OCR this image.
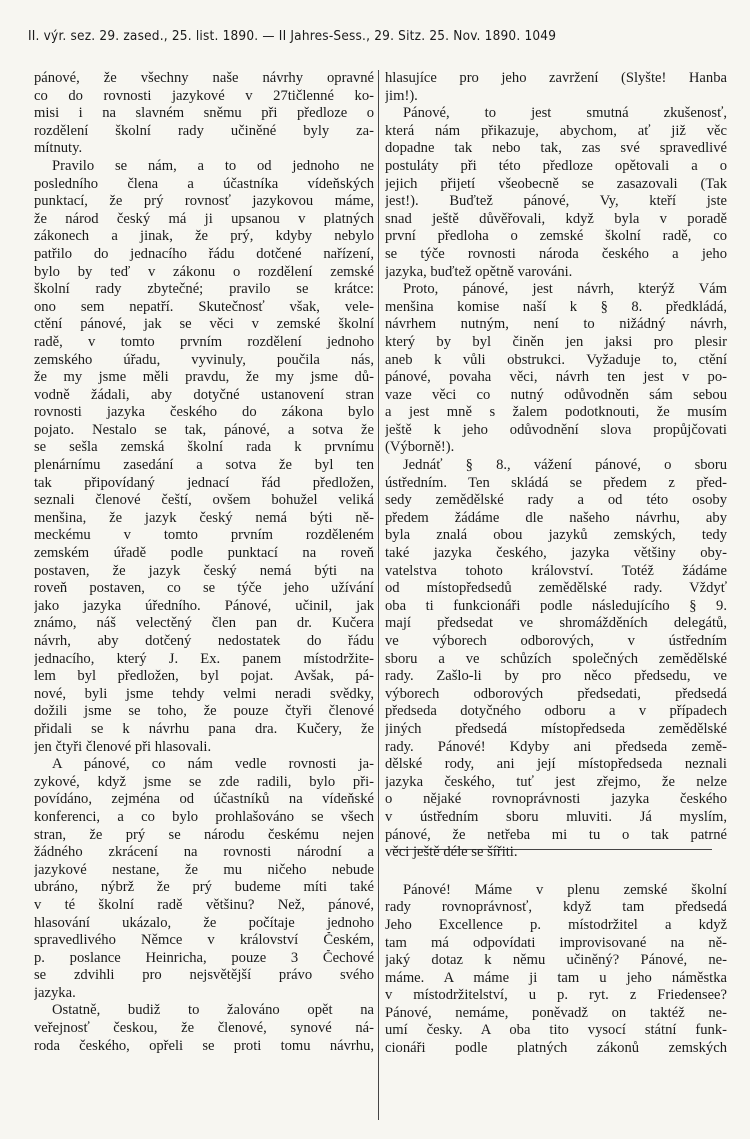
II. výr. sez. 29. zased., 25. list. 1890. — II Jahres-Sess., 29. Sitz. 25. Nov. 1890. 1049
pánové, že všechny naše návrhy opravné
co do rovnosti jazykové v 27tičlenné ko-
misi i na slavném sněmu při předloze o
rozdělení školní rady učiněné byly za-
mítnuty.
Pravilo se nám, a to od jednoho ne
posledního člena a účastníka vídeňských
punktací, že prý rovnosť jazykovou máme,
že národ český má ji upsanou v platných
zákonech a jinak, že prý, kdyby nebylo
patřilo do jednacího řádu dotčené nařízení,
bylo by teď v zákonu o rozdělení zemské
školní rady zbytečné; pravilo se krátce:
ono sem nepatří. Skutečnosť však, vele-
ctění pánové, jak se věci v zemské školní
radě, v tomto prvním rozdělení jednoho
zemského úřadu, vyvinuly, poučila nás,
že my jsme měli pravdu, že my jsme dů-
vodně žádali, aby dotyčné ustanovení stran
rovnosti jazyka českého do zákona bylo
pojato. Nestalo se tak, pánové, a sotva že
se sešla zemská školní rada k prvnímu
plenárnímu zasedání a sotva že byl ten
tak připovídaný jednací řád předložen,
seznali členové čeští, ovšem bohužel veliká
menšina, že jazyk český nemá býti ně-
meckému v tomto prvním rozděleném
zemském úřadě podle punktací na roveň
postaven, že jazyk český nemá býti na
roveň postaven, co se týče jeho užívání
jako jazyka úředního. Pánové, učinil, jak
známo, náš velectěný člen pan dr. Kučera
návrh, aby dotčený nedostatek do řádu
jednacího, který J. Ex. panem místodržite-
lem byl předložen, byl pojat. Avšak, pá-
nové, byli jsme tehdy velmi neradi svědky,
dožili jsme se toho, že pouze čtyři členové
přidali se k návrhu pana dra. Kučery, že
jen čtyři členové při hlasovali.
A pánové, co nám vedle rovnosti ja-
zykové, když jsme se zde radili, bylo při-
povídáno, zejména od účastníků na vídeňské
konferenci, a co bylo prohlašováno se všech
stran, že prý se národu českému nejen
žádného zkrácení na rovnosti národní a
jazykové nestane, že mu ničeho nebude
ubráno, nýbrž že prý budeme míti také
v té školní radě většinu? Než, pánové,
hlasování ukázalo, že počítaje jednoho
spravedlivého Němce v království Českém,
p. poslance Heinricha, pouze 3 Čechové
se zdvihli pro nejsvětější právo svého
jazyka.
Ostatně, budiž to žalováno opět na
veřejnosť českou, že členové, synové ná-
roda českého, opřeli se proti tomu návrhu,
hlasujíce pro jeho zavržení (Slyšte! Hanba
jim!).
Pánové, to jest smutná zkušenosť,
která nám přikazuje, abychom, ať již věc
dopadne tak nebo tak, zas své spravedlivé
postuláty při této předloze opětovali a o
jejich přijetí všeobecně se zasazovali (Tak
jest!). Buďtež pánové, Vy, kteří jste
snad ještě důvěřovali, když byla v poradě
první předloha o zemské školní radě, co
se týče rovnosti národa českého a jeho
jazyka, buďtež opětně varováni.
Proto, pánové, jest návrh, kterýž Vám
menšina komise naší k § 8. předkládá,
návrhem nutným, není to nižádný návrh,
který by byl činěn jen jaksi pro plesir
aneb k vůli obstrukci. Vyžaduje to, ctění
pánové, povaha věci, návrh ten jest v po-
vaze věci co nutný odůvodněn sám sebou
a jest mně s žalem podotknouti, že musím
ještě k jeho odůvodnění slova propůjčovati
(Výborně!).
Jednáť § 8., vážení pánové, o sboru
ústředním. Ten skládá se předem z před-
sedy zemědělské rady a od této osoby
předem žádáme dle našeho návrhu, aby
byla znalá obou jazyků zemských, tedy
také jazyka českého, jazyka většiny oby-
vatelstva tohoto království. Totéž žádáme
od místopředsedů zemědělské rady. Vždyť
oba ti funkcionáři podle následujícího § 9.
mají předsedat ve shromážděních delegátů,
ve výborech odborových, v ústředním
sboru a ve schůzích společných zemědělské
rady. Zašlo-li by pro něco předsedu, ve
výborech odborových předsedati, předsedá
předseda dotyčného odboru a v případech
jiných předsedá místopředseda zemědělské
rady. Pánové! Kdyby ani předseda země-
dělské rody, ani její místopředseda neznali
jazyka českého, tuť jest zřejmo, že nelze
o nějaké rovnoprávnosti jazyka českého
v ústředním sboru mluviti. Já myslím,
pánové, že netřeba mi tu o tak patrné
věci ještě déle se šířiti.
Pánové! Máme v plenu zemské školní
rady rovnoprávnosť, když tam předsedá
Jeho Excellence p. místodržitel a když
tam má odpovídati improvisované na ně-
jaký dotaz k němu učiněný? Pánové, ne-
máme. A máme ji tam u jeho náměstka
v místodržitelství, u p. ryt. z Friedensee?
Pánové, nemáme, poněvadž on taktéž ne-
umí česky. A oba tito vysocí státní funk-
cionáři podle platných zákonů zemských
